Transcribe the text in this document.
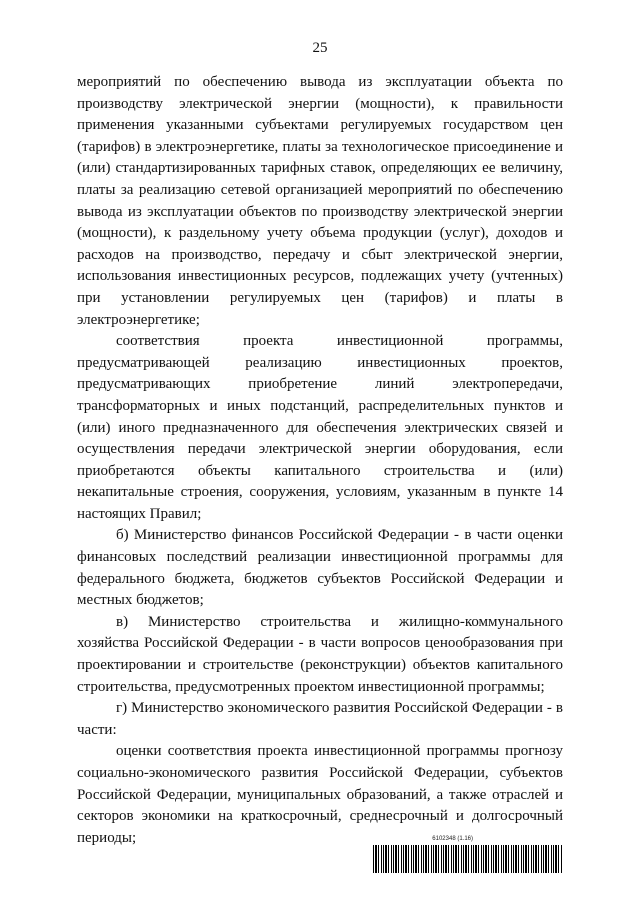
25

мероприятий по обеспечению вывода из эксплуатации объекта по производству электрической энергии (мощности), к правильности применения указанными субъектами регулируемых государством цен (тарифов) в электроэнергетике, платы за технологическое присоединение и (или) стандартизированных тарифных ставок, определяющих ее величину, платы за реализацию сетевой организацией мероприятий по обеспечению вывода из эксплуатации объектов по производству электрической энергии (мощности), к раздельному учету объема продукции (услуг), доходов и расходов на производство, передачу и сбыт электрической энергии, использования инвестиционных ресурсов, подлежащих учету (учтенных) при установлении регулируемых цен (тарифов) и платы в электроэнергетике;

соответствия проекта инвестиционной программы, предусматривающей реализацию инвестиционных проектов, предусматривающих приобретение линий электропередачи, трансформаторных и иных подстанций, распределительных пунктов и (или) иного предназначенного для обеспечения электрических связей и осуществления передачи электрической энергии оборудования, если приобретаются объекты капитального строительства и (или) некапитальные строения, сооружения, условиям, указанным в пункте 14 настоящих Правил;

б) Министерство финансов Российской Федерации - в части оценки финансовых последствий реализации инвестиционной программы для федерального бюджета, бюджетов субъектов Российской Федерации и местных бюджетов;

в) Министерство строительства и жилищно-коммунального хозяйства Российской Федерации - в части вопросов ценообразования при проектировании и строительстве (реконструкции) объектов капитального строительства, предусмотренных проектом инвестиционной программы;

г) Министерство экономического развития Российской Федерации - в части:

оценки соответствия проекта инвестиционной программы прогнозу социально-экономического развития Российской Федерации, субъектов Российской Федерации, муниципальных образований, а также отраслей и секторов экономики на краткосрочный, среднесрочный и долгосрочный периоды;	6102348 (1.16)
